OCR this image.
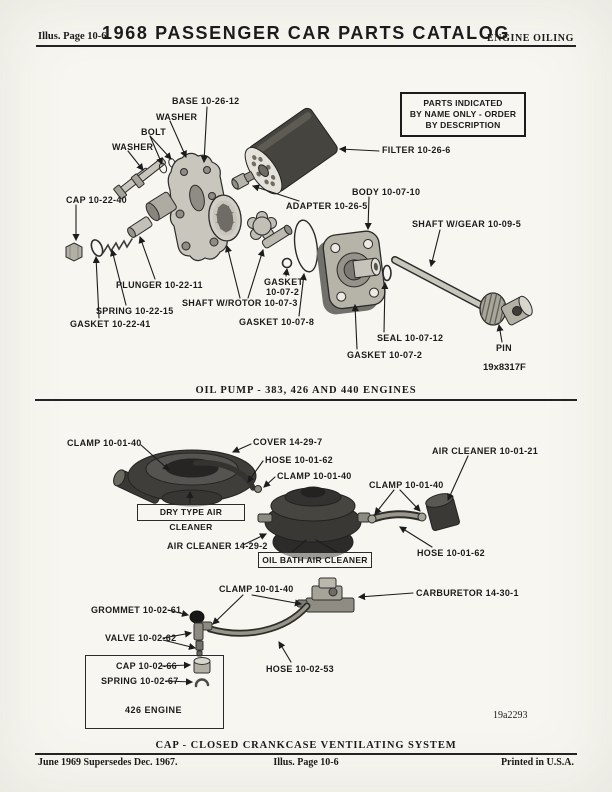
Illus. Page 10-6
1968 PASSENGER CAR PARTS CATALOG
ENGINE OILING
PARTS INDICATED
BY NAME ONLY - ORDER
BY DESCRIPTION
BASE 10-26-12
WASHER
BOLT
WASHER
CAP 10-22-40
FILTER 10-26-6
ADAPTER 10-26-5
BODY 10-07-10
SHAFT W/GEAR 10-09-5
PLUNGER 10-22-11
SHAFT W/ROTOR 10-07-3
GASKET
10-07-2
SPRING 10-22-15
GASKET 10-22-41	GASKET 10-07-8
SEAL 10-07-12
GASKET 10-07-2
PIN
19x8317F
OIL PUMP - 383, 426 AND 440 ENGINES
CLAMP 10-01-40	COVER 14-29-7
HOSE 10-01-62
CLAMP 10-01-40
AIR CLEANER 10-01-21
CLAMP 10-01-40
HOSE 10-01-62
AIR CLEANER 14-29-2
GROMMET 10-02-61
VALVE 10-02-62
CAP 10-02-66
SPRING 10-02-67
CLAMP 10-01-40
HOSE 10-02-53
CARBURETOR 14-30-1
19a2293
DRY TYPE AIR CLEANER
OIL BATH AIR CLEANER
426 ENGINE
CAP - CLOSED CRANKCASE VENTILATING SYSTEM
June 1969 Supersedes Dec. 1967.	Illus. Page 10-6	Printed in U.S.A.
